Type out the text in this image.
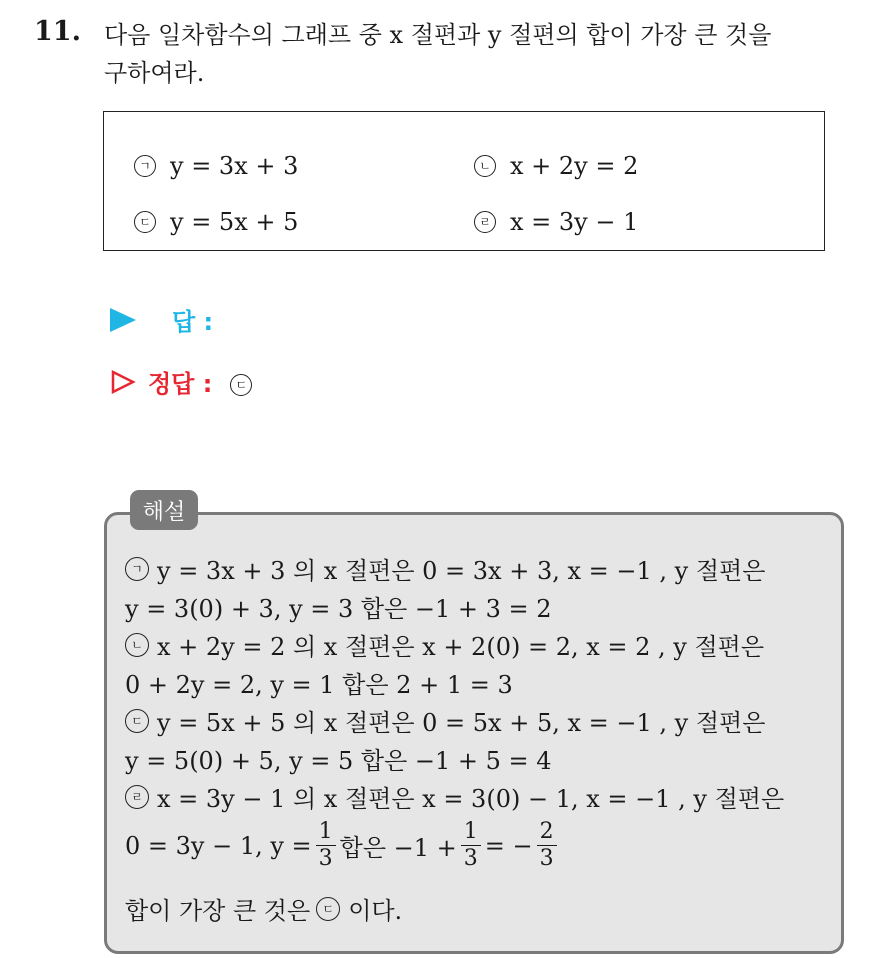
11. 다음 일차함수의 그래프 중 x 절편과 y 절편의 합이 가장 큰 것을
구하여라.
ㄱ y = 3x + 3	ㄴ x + 2y = 2
ㄷ y = 5x + 5	ㄹ x = 3y − 1
답 :
정답 :	ㄷ
해설
ㄱ y = 3x + 3 의 x 절편은 0 = 3x + 3, x = −1 , y 절편은
y = 3(0) + 3, y = 3 합은 −1 + 3 = 2
ㄴ x + 2y = 2 의 x 절편은 x + 2(0) = 2, x = 2 , y 절편은
0 + 2y = 2, y = 1 합은 2 + 1 = 3
ㄷ y = 5x + 5 의 x 절편은 0 = 5x + 5, x = −1 , y 절편은
y = 5(0) + 5, y = 5 합은 −1 + 5 = 4
ㄹ x = 3y − 1 의 x 절편은 x = 3(0) − 1, x = −1 , y 절편은
0 = 3y − 1, $y = \frac{1}{3}$ 합은 $-1 + \frac{1}{3}$ = − $\frac{2}{3}$
합이 가장 큰 것은	ㄷ 이다.
